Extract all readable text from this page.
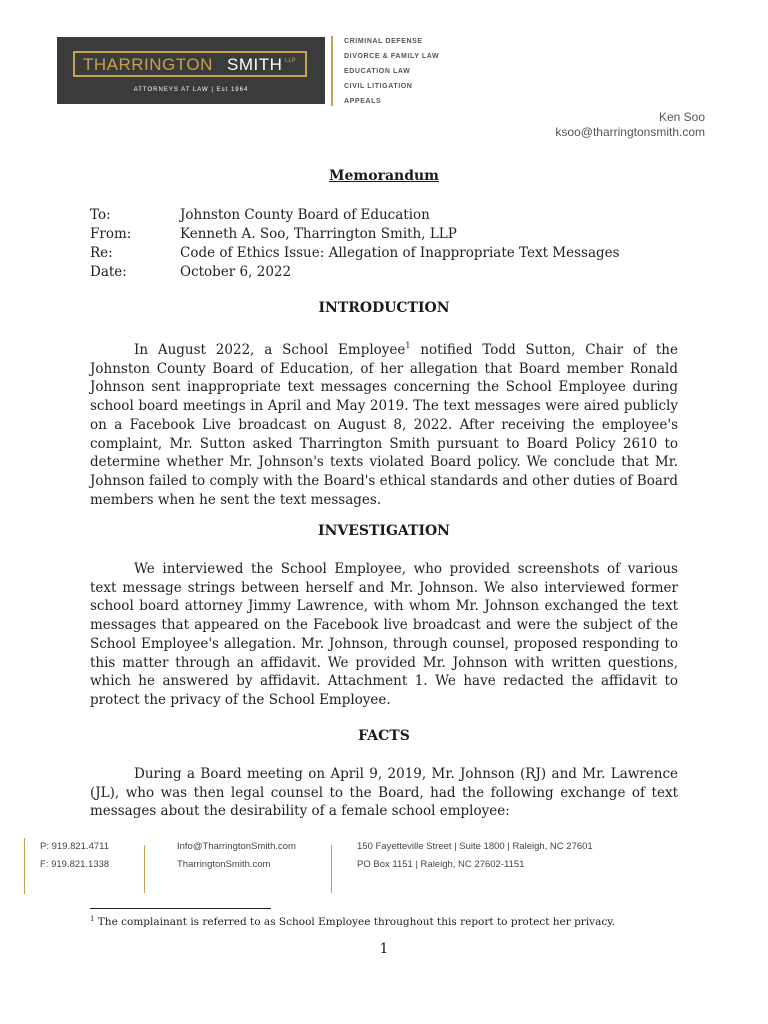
THARRINGTON SMITH LLP
ATTORNEYS AT LAW | Est 1964
CRIMINAL DEFENSE
DIVORCE & FAMILY LAW
EDUCATION LAW
CIVIL LITIGATION
APPEALS
Ken Soo
ksoo@tharringtonsmith.com
Memorandum
To:	Johnston County Board of Education
From:	Kenneth A. Soo, Tharrington Smith, LLP
Re:	Code of Ethics Issue: Allegation of Inappropriate Text Messages
Date:	October 6, 2022
INTRODUCTION
In August 2022, a School Employee$^1$ notified Todd Sutton, Chair of the Johnston County Board of Education, of her allegation that Board member Ronald Johnson sent inappropriate text messages concerning the School Employee during school board meetings in April and May 2019. The text messages were aired publicly on a Facebook Live broadcast on August 8, 2022. After receiving the employee's complaint, Mr. Sutton asked Tharrington Smith pursuant to Board Policy 2610 to determine whether Mr. Johnson's texts violated Board policy. We conclude that Mr. Johnson failed to comply with the Board's ethical standards and other duties of Board members when he sent the text messages.
INVESTIGATION
We interviewed the School Employee, who provided screenshots of various text message strings between herself and Mr. Johnson. We also interviewed former school board attorney Jimmy Lawrence, with whom Mr. Johnson exchanged the text messages that appeared on the Facebook live broadcast and were the subject of the School Employee's allegation. Mr. Johnson, through counsel, proposed responding to this matter through an affidavit. We provided Mr. Johnson with written questions, which he answered by affidavit. Attachment 1. We have redacted the affidavit to protect the privacy of the School Employee.
FACTS
During a Board meeting on April 9, 2019, Mr. Johnson (RJ) and Mr. Lawrence (JL), who was then legal counsel to the Board, had the following exchange of text messages about the desirability of a female school employee:
P: 919.821.4711
F: 919.821.1338
Info@TharringtonSmith.com
TharringtonSmith.com
150 Fayetteville Street | Suite 1800 | Raleigh, NC 27601
PO Box 1151 | Raleigh, NC 27602-1151
$^1$ The complainant is referred to as School Employee throughout this report to protect her privacy.
1
